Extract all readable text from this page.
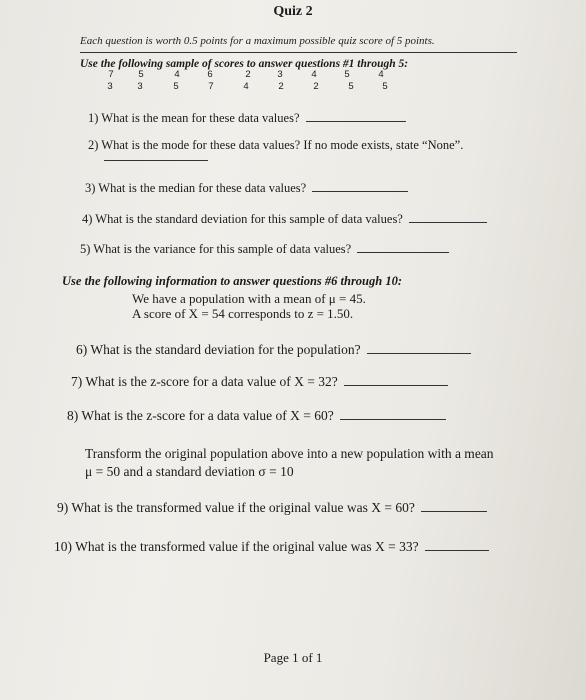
Quiz 2
Each question is worth 0.5 points for a maximum possible quiz score of 5 points.
Use the following sample of scores to answer questions #1 through 5:
7	5	4	6	2	3	4	5	4
3	3	5	7	4	2	2	5	5
1) What is the mean for these data values?
2) What is the mode for these data values? If no mode exists, state “None”.
3) What is the median for these data values?
4) What is the standard deviation for this sample of data values?
5) What is the variance for this sample of data values?
Use the following information to answer questions #6 through 10:
We have a population with a mean of μ = 45.
A score of X = 54 corresponds to z = 1.50.
6) What is the standard deviation for the population?
7) What is the z-score for a data value of X = 32?
8) What is the z-score for a data value of X = 60?
Transform the original population above into a new population with a mean
μ = 50 and a standard deviation σ = 10
9) What is the transformed value if the original value was X = 60?
10) What is the transformed value if the original value was X = 33?
Page 1 of 1
